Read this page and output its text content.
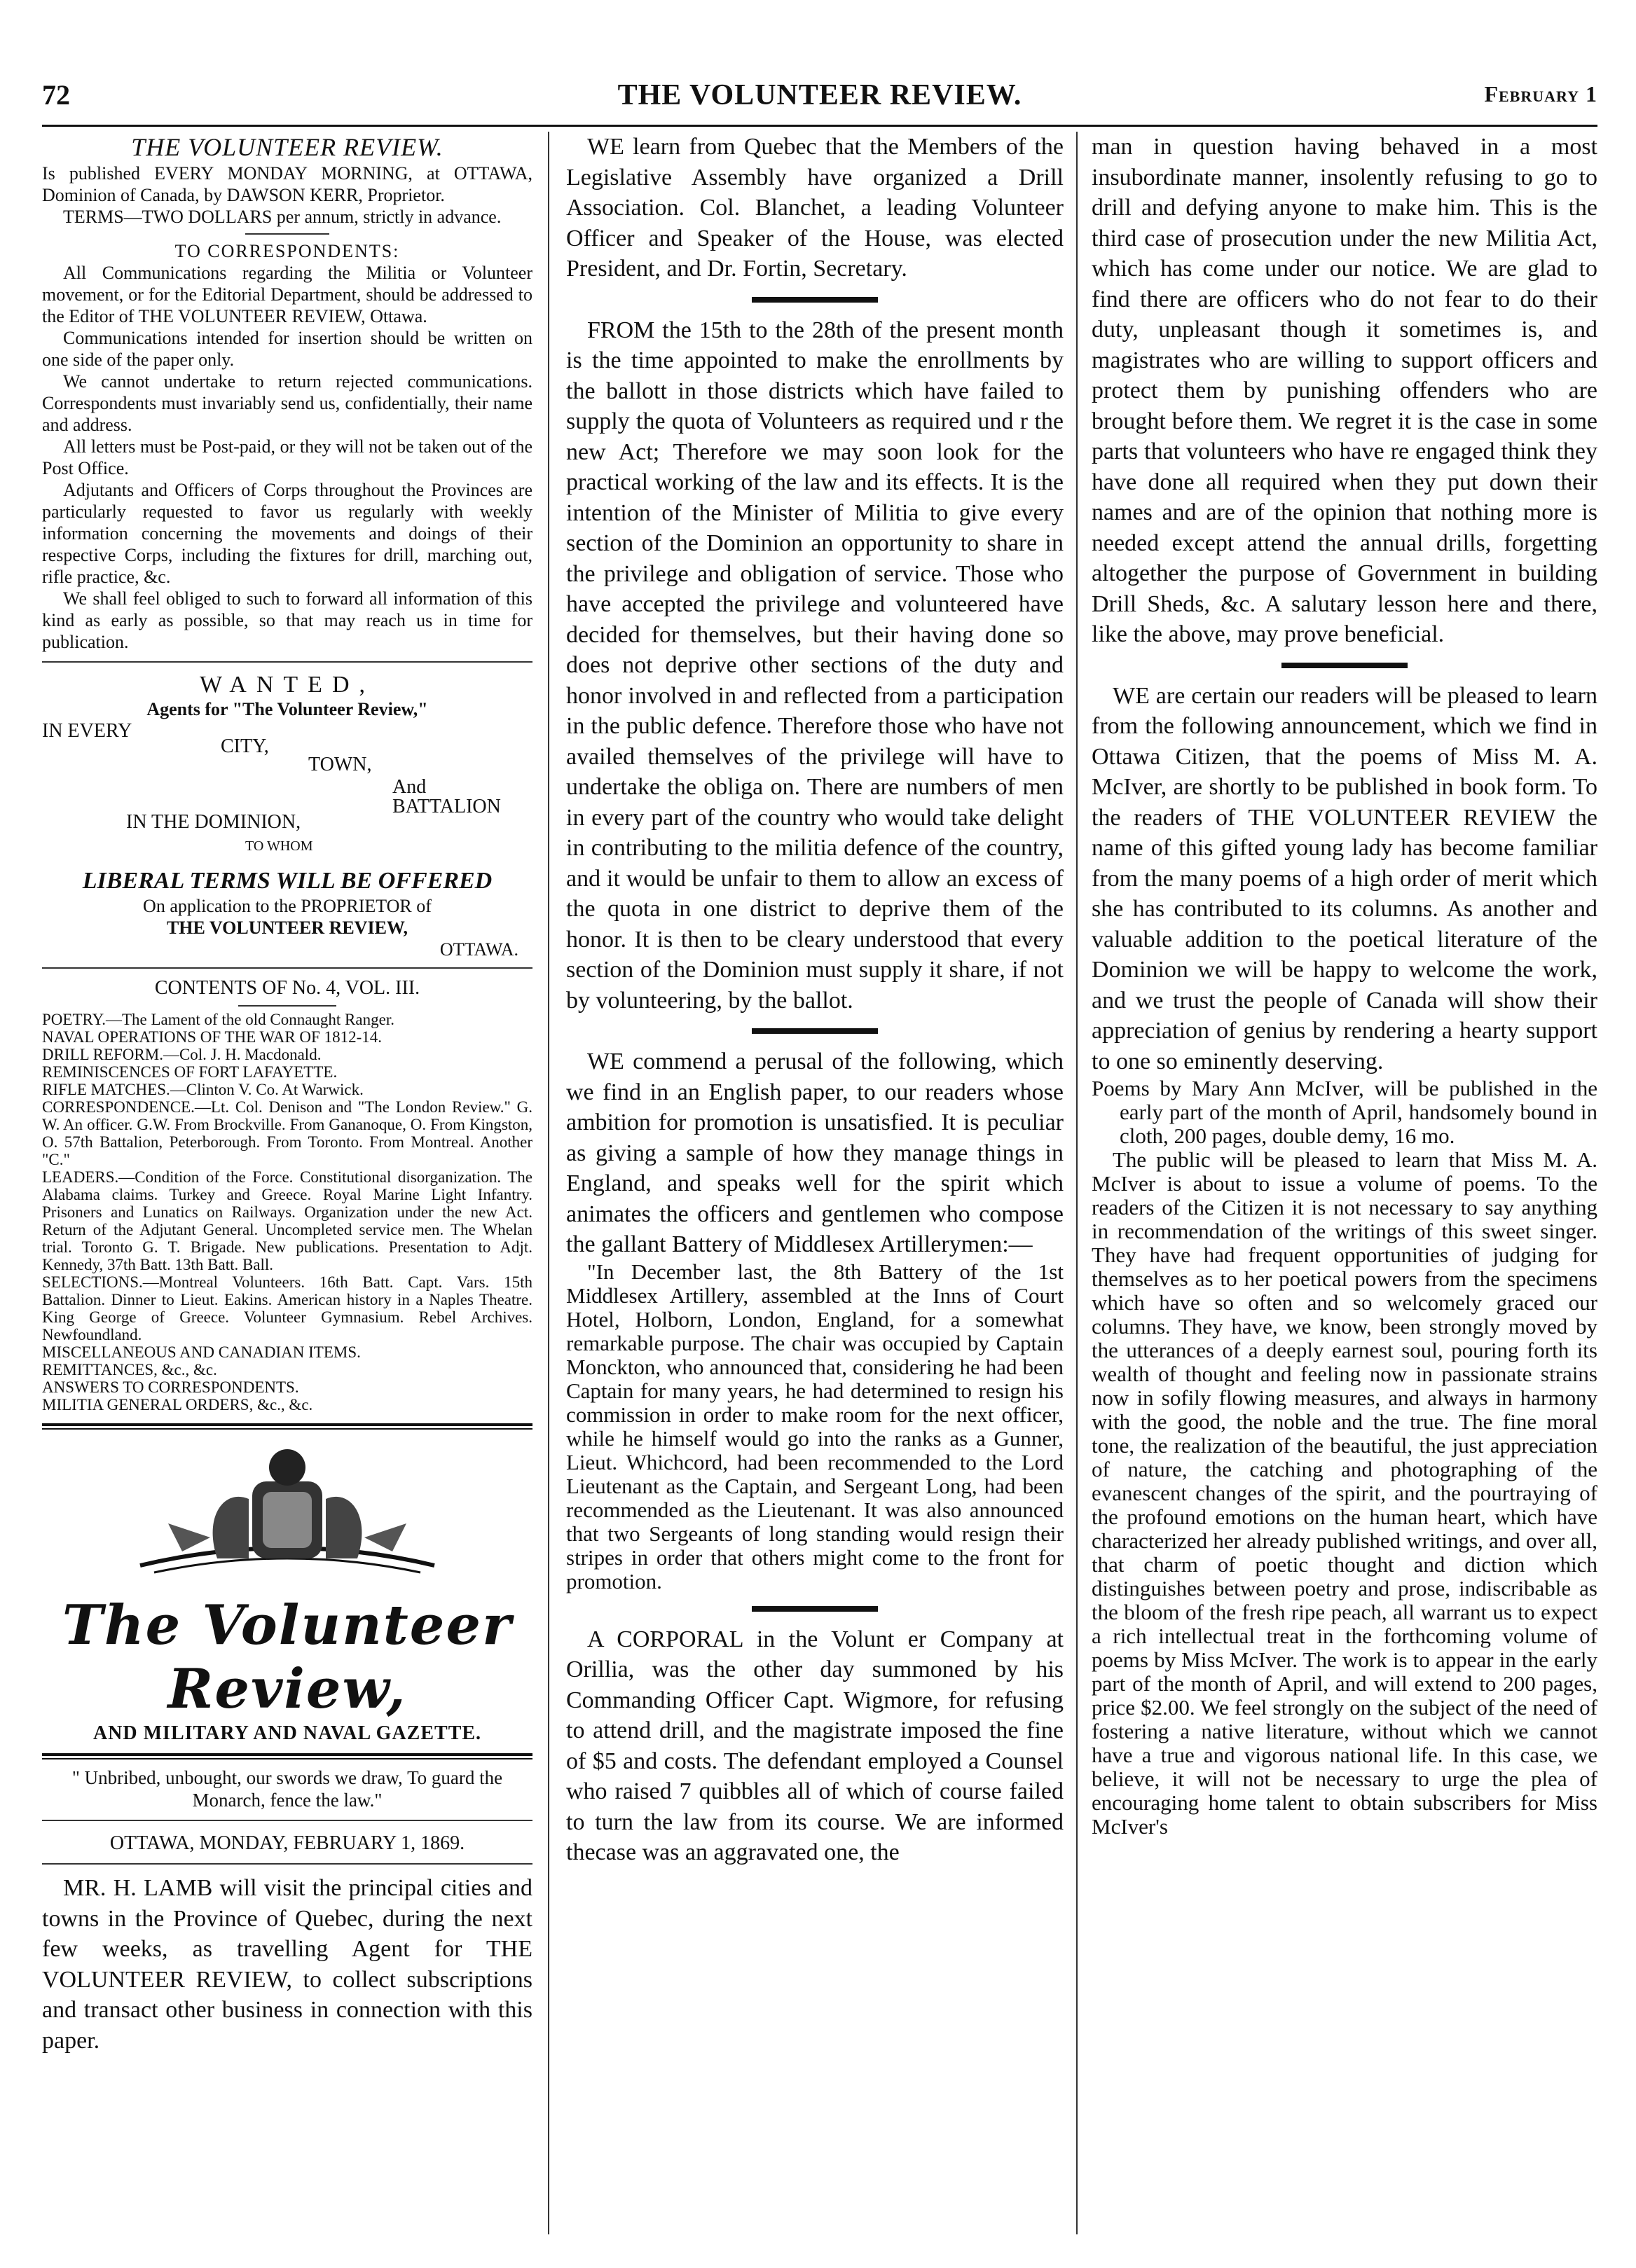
72	THE VOLUNTEER REVIEW.	February 1

THE VOLUNTEER REVIEW.

Is published EVERY MONDAY MORNING, at OTTAWA, Dominion of Canada, by DAWSON KERR, Proprietor.

TERMS—TWO DOLLARS per annum, strictly in advance.

TO CORRESPONDENTS:

All Communications regarding the Militia or Volunteer movement, or for the Editorial Department, should be addressed to the Editor of THE VOLUNTEER REVIEW, Ottawa.

Communications intended for insertion should be written on one side of the paper only.

We cannot undertake to return rejected communications. Correspondents must invariably send us, confidentially, their name and address.

All letters must be Post-paid, or they will not be taken out of the Post Office.

Adjutants and Officers of Corps throughout the Provinces are particularly requested to favor us regularly with weekly information concerning the movements and doings of their respective Corps, including the fixtures for drill, marching out, rifle practice, &c.

We shall feel obliged to such to forward all information of this kind as early as possible, so that may reach us in time for publication.

WANTED,

Agents for "The Volunteer Review,"

IN EVERY
CITY,
TOWN,
And
BATTALION
IN THE DOMINION,
TO WHOM

LIBERAL TERMS WILL BE OFFERED

On application to the PROPRIETOR of

THE VOLUNTEER REVIEW,

OTTAWA.

CONTENTS OF No. 4, VOL. III.

POETRY.—The Lament of the old Connaught Ranger.

NAVAL OPERATIONS OF THE WAR OF 1812-14.

DRILL REFORM.—Col. J. H. Macdonald.

REMINISCENCES OF FORT LAFAYETTE.

RIFLE MATCHES.—Clinton V. Co. At Warwick.

CORRESPONDENCE.—Lt. Col. Denison and "The London Review." G. W. An officer. G.W. From Brockville. From Gananoque, O. From Kingston, O. 57th Battalion, Peterborough. From Toronto. From Montreal. Another "C."

LEADERS.—Condition of the Force. Constitutional disorganization. The Alabama claims. Turkey and Greece. Royal Marine Light Infantry. Prisoners and Lunatics on Railways. Organization under the new Act. Return of the Adjutant General. Uncompleted service men. The Whelan trial. Toronto G. T. Brigade. New publications. Presentation to Adjt. Kennedy, 37th Batt. 13th Batt. Ball.

SELECTIONS.—Montreal Volunteers. 16th Batt. Capt. Vars. 15th Battalion. Dinner to Lieut. Eakins. American history in a Naples Theatre. King George of Greece. Volunteer Gymnasium. Rebel Archives. Newfoundland.

MISCELLANEOUS AND CANADIAN ITEMS.

REMITTANCES, &c., &c.

ANSWERS TO CORRESPONDENTS.

MILITIA GENERAL ORDERS, &c., &c.

The Volunteer Review,

AND MILITARY AND NAVAL GAZETTE.

" Unbribed, unbought, our swords we draw, To guard the Monarch, fence the law."

OTTAWA, MONDAY, FEBRUARY 1, 1869.

MR. H. LAMB will visit the principal cities and towns in the Province of Quebec, during the next few weeks, as travelling Agent for THE VOLUNTEER REVIEW, to collect subscriptions and transact other business in connection with this paper.

WE learn from Quebec that the Members of the Legislative Assembly have organized a Drill Association. Col. Blanchet, a leading Volunteer Officer and Speaker of the House, was elected President, and Dr. Fortin, Secretary.

FROM the 15th to the 28th of the present month is the time appointed to make the enrollments by the ballott in those districts which have failed to supply the quota of Volunteers as required und r the new Act; Therefore we may soon look for the practical working of the law and its effects. It is the intention of the Minister of Militia to give every section of the Dominion an opportunity to share in the privilege and obligation of service. Those who have accepted the privilege and volunteered have decided for themselves, but their having done so does not deprive other sections of the duty and honor involved in and reflected from a participation in the public defence. Therefore those who have not availed themselves of the privilege will have to undertake the obliga on. There are numbers of men in every part of the country who would take delight in contributing to the militia defence of the country, and it would be unfair to them to allow an excess of the quota in one district to deprive them of the honor. It is then to be cleary understood that every section of the Dominion must supply it share, if not by volunteering, by the ballot.

WE commend a perusal of the following, which we find in an English paper, to our readers whose ambition for promotion is unsatisfied. It is peculiar as giving a sample of how they manage things in England, and speaks well for the spirit which animates the officers and gentlemen who compose the gallant Battery of Middlesex Artillerymen:—

"In December last, the 8th Battery of the 1st Middlesex Artillery, assembled at the Inns of Court Hotel, Holborn, London, England, for a somewhat remarkable purpose. The chair was occupied by Captain Monckton, who announced that, considering he had been Captain for many years, he had determined to resign his commission in order to make room for the next officer, while he himself would go into the ranks as a Gunner, Lieut. Whichcord, had been recommended to the Lord Lieutenant as the Captain, and Sergeant Long, had been recommended as the Lieutenant. It was also announced that two Sergeants of long standing would resign their stripes in order that others might come to the front for promotion.

A CORPORAL in the Volunt er Company at Orillia, was the other day summoned by his Commanding Officer Capt. Wigmore, for refusing to attend drill, and the magistrate imposed the fine of $5 and costs. The defendant employed a Counsel who raised 7 quibbles all of which of course failed to turn the law from its course. We are informed thecase was an aggravated one, the

man in question having behaved in a most insubordinate manner, insolently refusing to go to drill and defying anyone to make him. This is the third case of prosecution under the new Militia Act, which has come under our notice. We are glad to find there are officers who do not fear to do their duty, unpleasant though it sometimes is, and magistrates who are willing to support officers and protect them by punishing offenders who are brought before them. We regret it is the case in some parts that volunteers who have re engaged think they have done all required when they put down their names and are of the opinion that nothing more is needed except attend the annual drills, forgetting altogether the purpose of Government in building Drill Sheds, &c. A salutary lesson here and there, like the above, may prove beneficial.

WE are certain our readers will be pleased to learn from the following announcement, which we find in Ottawa Citizen, that the poems of Miss M. A. McIver, are shortly to be published in book form. To the readers of THE VOLUNTEER REVIEW the name of this gifted young lady has become familiar from the many poems of a high order of merit which she has contributed to its columns. As another and valuable addition to the poetical literature of the Dominion we will be happy to welcome the work, and we trust the people of Canada will show their appreciation of genius by rendering a hearty support to one so eminently deserving.

Poems by Mary Ann McIver, will be published in the early part of the month of April, handsomely bound in cloth, 200 pages, double demy, 16 mo.

The public will be pleased to learn that Miss M. A. McIver is about to issue a volume of poems. To the readers of the Citizen it is not necessary to say anything in recommendation of the writings of this sweet singer. They have had frequent opportunities of judging for themselves as to her poetical powers from the specimens which have so often and so welcomely graced our columns. They have, we know, been strongly moved by the utterances of a deeply earnest soul, pouring forth its wealth of thought and feeling now in passionate strains now in sofily flowing measures, and always in harmony with the good, the noble and the true. The fine moral tone, the realization of the beautiful, the just appreciation of nature, the catching and photographing of the evanescent changes of the spirit, and the pourtraying of the profound emotions on the human heart, which have characterized her already published writings, and over all, that charm of poetic thought and diction which distinguishes between poetry and prose, indiscribable as the bloom of the fresh ripe peach, all warrant us to expect a rich intellectual treat in the forthcoming volume of poems by Miss McIver. The work is to appear in the early part of the month of April, and will extend to 200 pages, price $2.00. We feel strongly on the subject of the need of fostering a native literature, without which we cannot have a true and vigorous national life. In this case, we believe, it will not be necessary to urge the plea of encouraging home talent to obtain subscribers for Miss McIver's
